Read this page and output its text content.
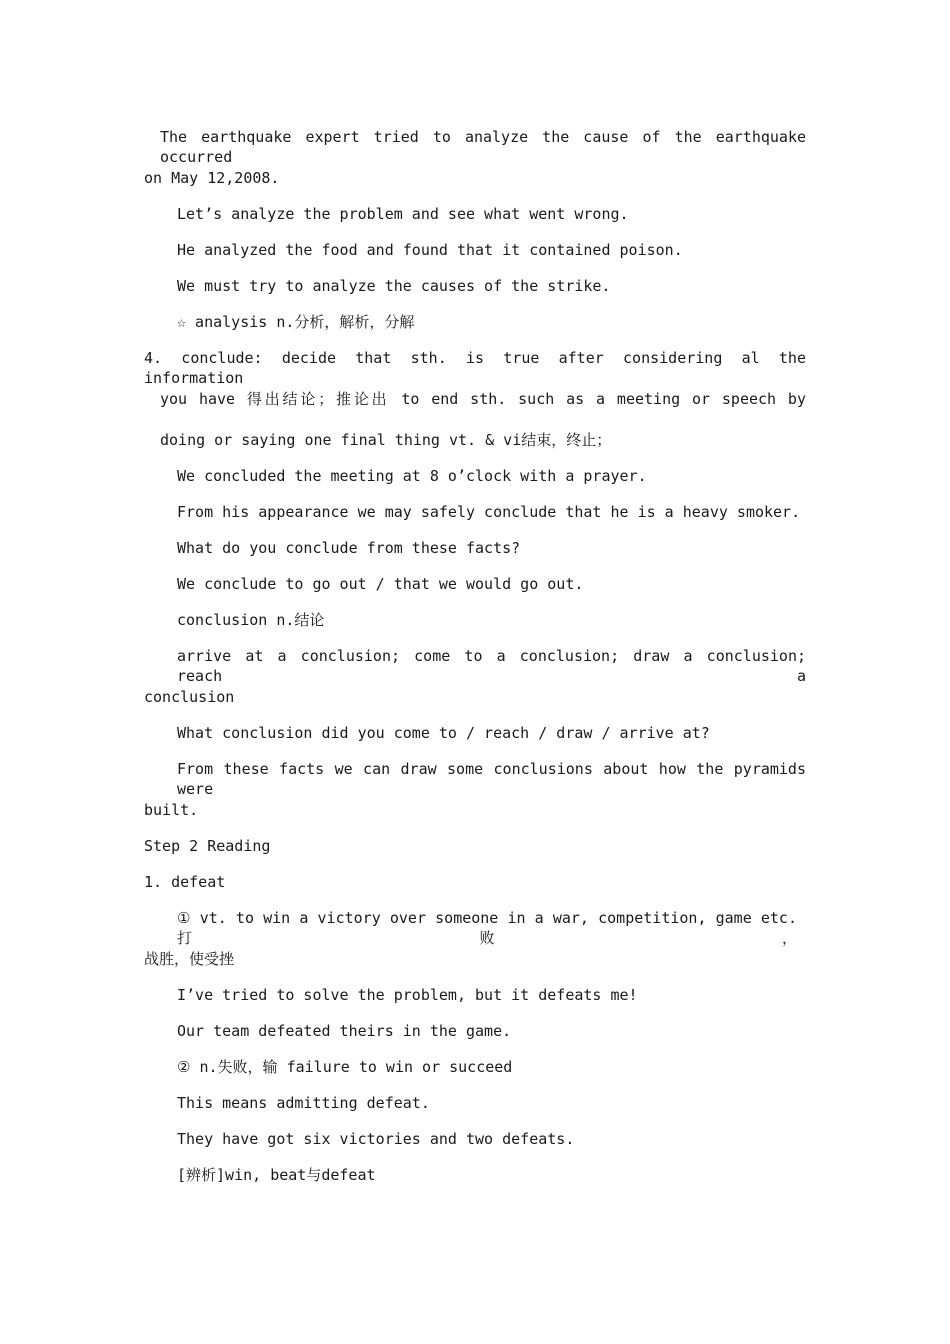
The earthquake expert tried to analyze the cause of the earthquake occurred
on May 12,2008.
Let’s analyze the problem and see what went wrong.
He analyzed the food and found that it contained poison.
We must try to analyze the causes of the strike.
☆ analysis n.分析，解析，分解
4. conclude: decide that sth. is true after considering al the information
you have 得出结论；推论出 to end sth. such as a meeting or speech by
doing or saying one final thing vt. & vi结束，终止；
We concluded the meeting at 8 o’clock with a prayer.
From his appearance we may safely conclude that he is a heavy smoker.
What do you conclude from these facts?
We conclude to go out / that we would go out.
conclusion n.结论
arrive at a conclusion; come to a conclusion; draw a conclusion; reach a
conclusion
What conclusion did you come to / reach / draw / arrive at?
From these facts we can draw some conclusions about how the pyramids were
built.
Step 2 Reading
1. defeat
① vt. to win a victory over someone in a war, competition, game etc.打败，
战胜，使受挫
I’ve tried to solve the problem, but it defeats me!
Our team defeated theirs in the game.
② n.失败，输 failure to win or succeed
This means admitting defeat.
They have got six victories and two defeats.
[辨析]win, beat与defeat
